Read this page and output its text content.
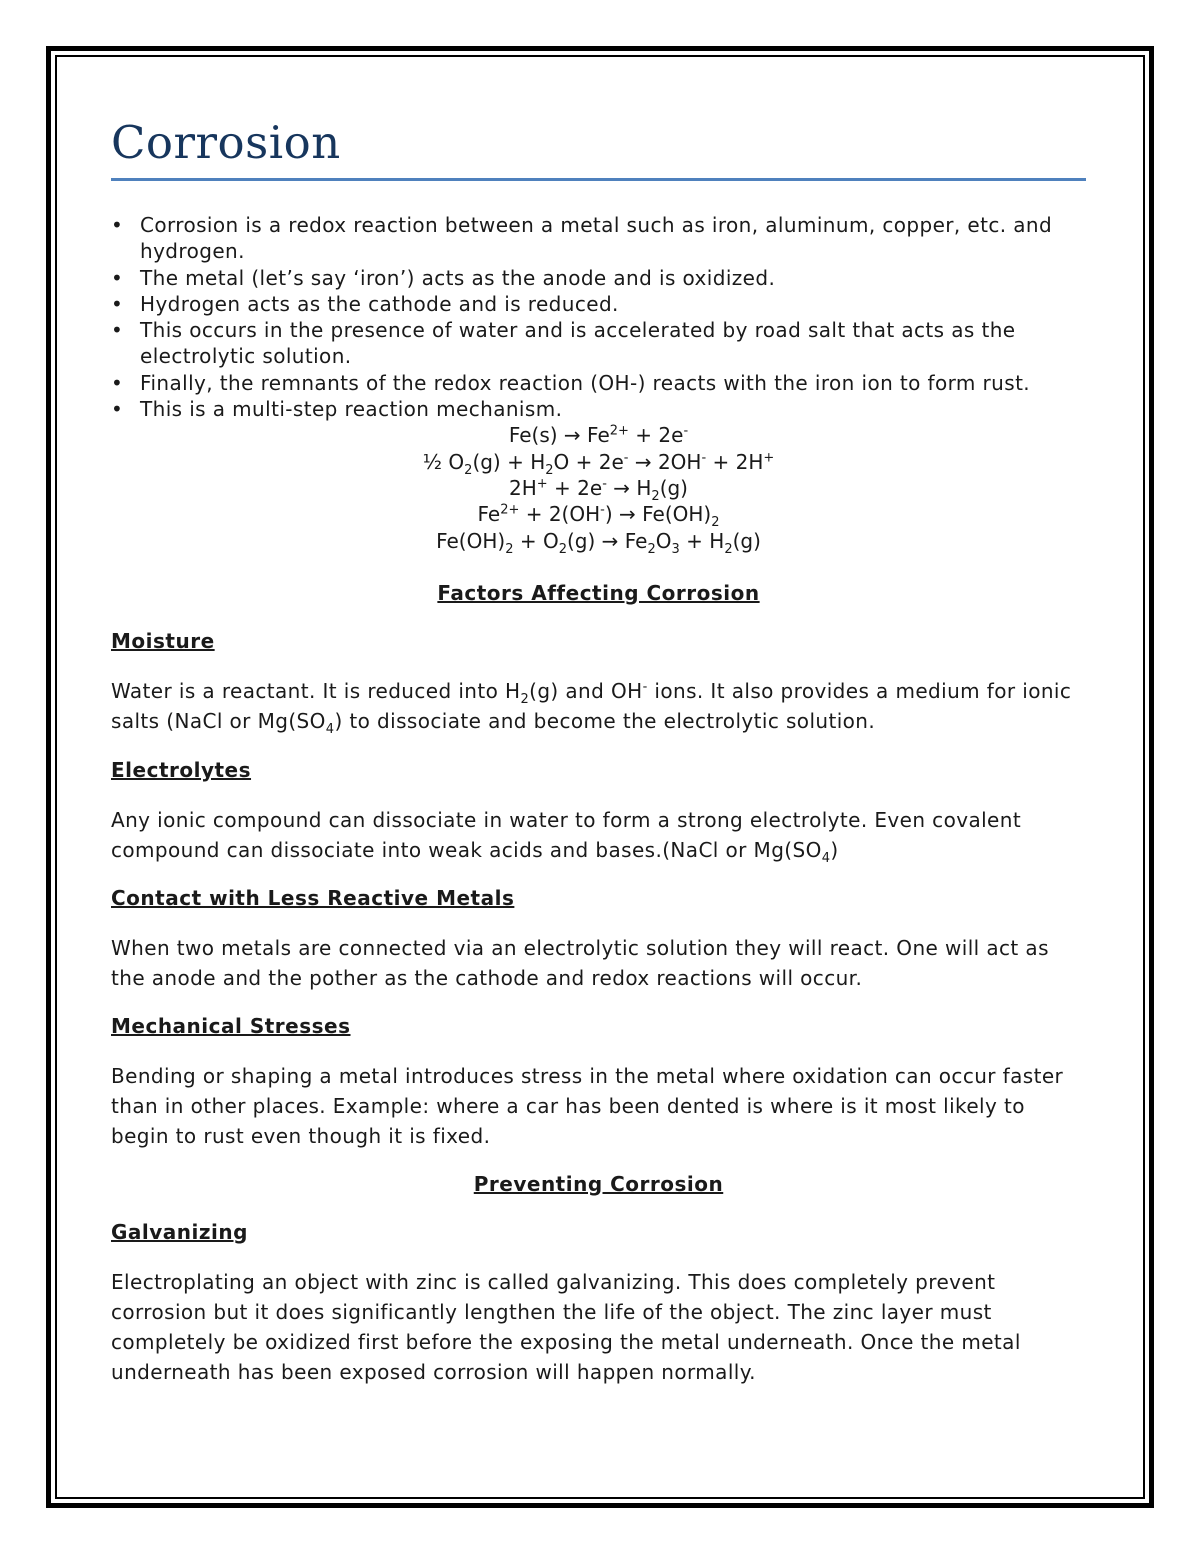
Corrosion
• Corrosion is a redox reaction between a metal such as iron, aluminum, copper, etc. and hydrogen.
• The metal (let’s say ‘iron’) acts as the anode and is oxidized.
• Hydrogen acts as the cathode and is reduced.
• This occurs in the presence of water and is accelerated by road salt that acts as the electrolytic solution.
• Finally, the remnants of the redox reaction (OH-) reacts with the iron ion to form rust.
• This is a multi-step reaction mechanism.
$Fe(s) \to Fe^{2+} + 2e^-$
½ $O_2(g) + H_2O + 2e^- \to 2OH^- + 2H^+$
$2H^+ + 2e^- \to H_2(g)$
$Fe^{2+} + 2(OH^-) \to Fe(OH)_2$
$Fe(OH)_2 + O_2(g) \to Fe_2O_3 + H_2(g)$
Factors Affecting Corrosion
Moisture

Water is a reactant. It is reduced into $H_2(g)$ and OH- ions. It also provides a medium for ionic salts (NaCl or $Mg(SO_4)$ to dissociate and become the electrolytic solution.

Electrolytes

Any ionic compound can dissociate in water to form a strong electrolyte. Even covalent compound can dissociate into weak acids and bases.(NaCl or $Mg(SO_4)$

Contact with Less Reactive Metals

When two metals are connected via an electrolytic solution they will react. One will act as the anode and the pother as the cathode and redox reactions will occur.

Mechanical Stresses

Bending or shaping a metal introduces stress in the metal where oxidation can occur faster than in other places. Example: where a car has been dented is where is it most likely to begin to rust even though it is fixed.

Preventing Corrosion
Galvanizing

Electroplating an object with zinc is called galvanizing. This does completely prevent corrosion but it does significantly lengthen the life of the object. The zinc layer must completely be oxidized first before the exposing the metal underneath. Once the metal underneath has been exposed corrosion will happen normally.
